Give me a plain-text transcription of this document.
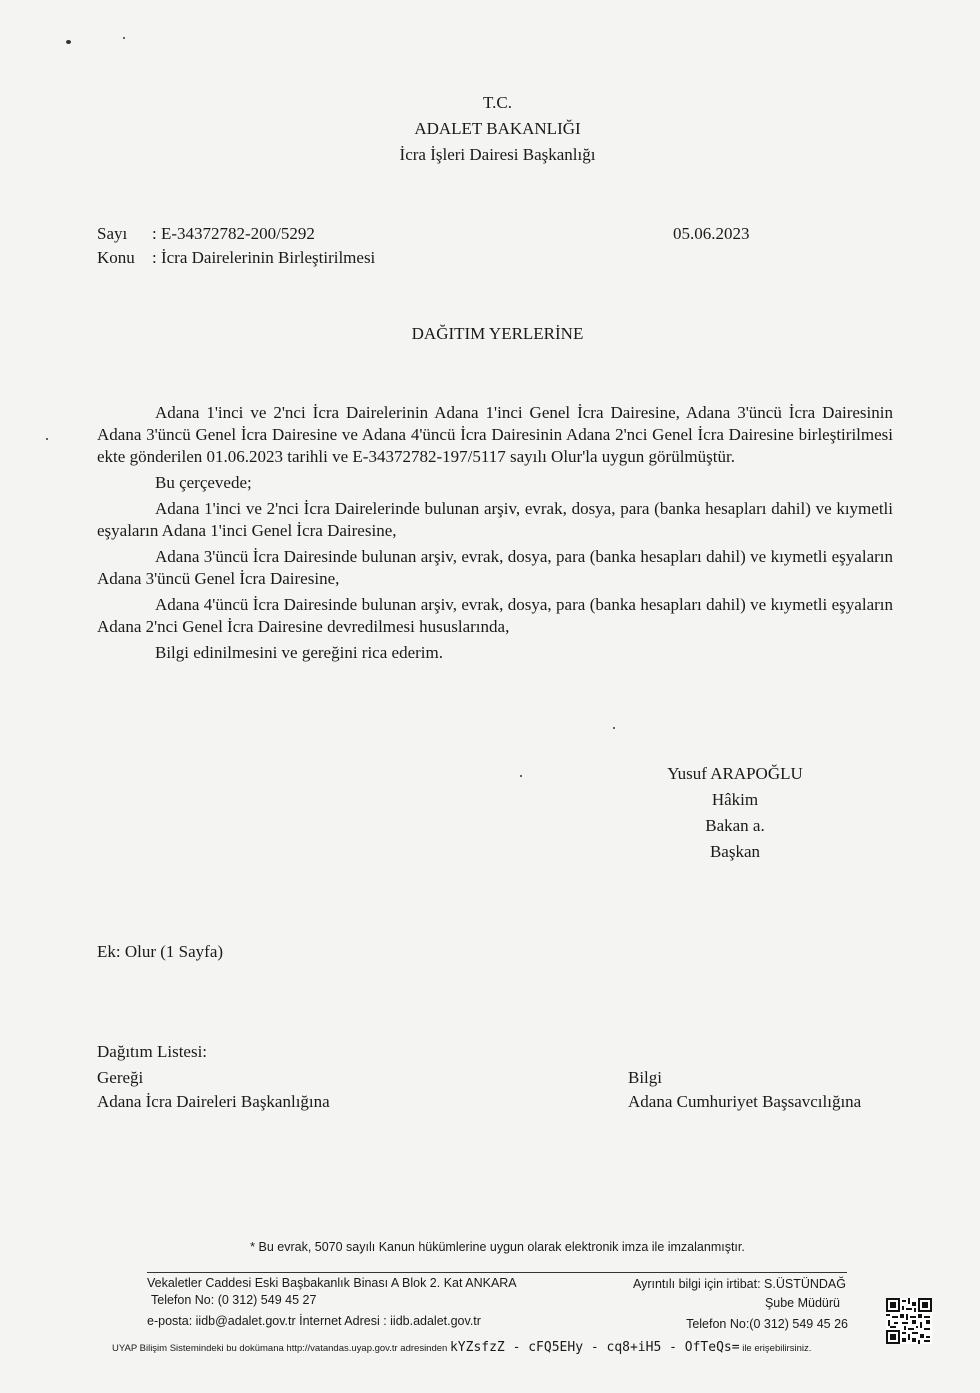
T.C.
ADALET BAKANLIĞI
İcra İşleri Dairesi Başkanlığı
Sayı : E-34372782-200/5292
Konu : İcra Dairelerinin Birleştirilmesi
05.06.2023
DAĞITIM YERLERİNE

Adana 1'inci ve 2'nci İcra Dairelerinin Adana 1'inci Genel İcra Dairesine, Adana 3'üncü İcra Dairesinin Adana 3'üncü Genel İcra Dairesine ve Adana 4'üncü İcra Dairesinin Adana 2'nci Genel İcra Dairesine birleştirilmesi ekte gönderilen 01.06.2023 tarihli ve E-34372782-197/5117 sayılı Olur'la uygun görülmüştür.

Bu çerçevede;

Adana 1'inci ve 2'nci İcra Dairelerinde bulunan arşiv, evrak, dosya, para (banka hesapları dahil) ve kıymetli eşyaların Adana 1'inci Genel İcra Dairesine,

Adana 3'üncü İcra Dairesinde bulunan arşiv, evrak, dosya, para (banka hesapları dahil) ve kıymetli eşyaların Adana 3'üncü Genel İcra Dairesine,

Adana 4'üncü İcra Dairesinde bulunan arşiv, evrak, dosya, para (banka hesapları dahil) ve kıymetli eşyaların Adana 2'nci Genel İcra Dairesine devredilmesi hususlarında,

Bilgi edinilmesini ve gereğini rica ederim.

Yusuf ARAPOĞLU
Hâkim
Bakan a.
Başkan
Ek: Olur (1 Sayfa)
Dağıtım Listesi:
Gereği
Adana İcra Daireleri Başkanlığına
Bilgi
Adana Cumhuriyet Başsavcılığına
* Bu evrak, 5070 sayılı Kanun hükümlerine uygun olarak elektronik imza ile imzalanmıştır.
Vekaletler Caddesi Eski Başbakanlık Binası A Blok 2. Kat ANKARA
Telefon No: (0 312) 549 45 27
e-posta: iidb@adalet.gov.tr İnternet Adresi : iidb.adalet.gov.tr
Ayrıntılı bilgi için irtibat: S.ÜSTÜNDAĞ
Şube Müdürü
Telefon No:(0 312) 549 45 26
UYAP Bilişim Sistemindeki bu dokümana http://vatandas.uyap.gov.tr adresinden kYZsfzZ - cFQ5EHy - cq8+iH5 - OfTeQs= ile erişebilirsiniz.
